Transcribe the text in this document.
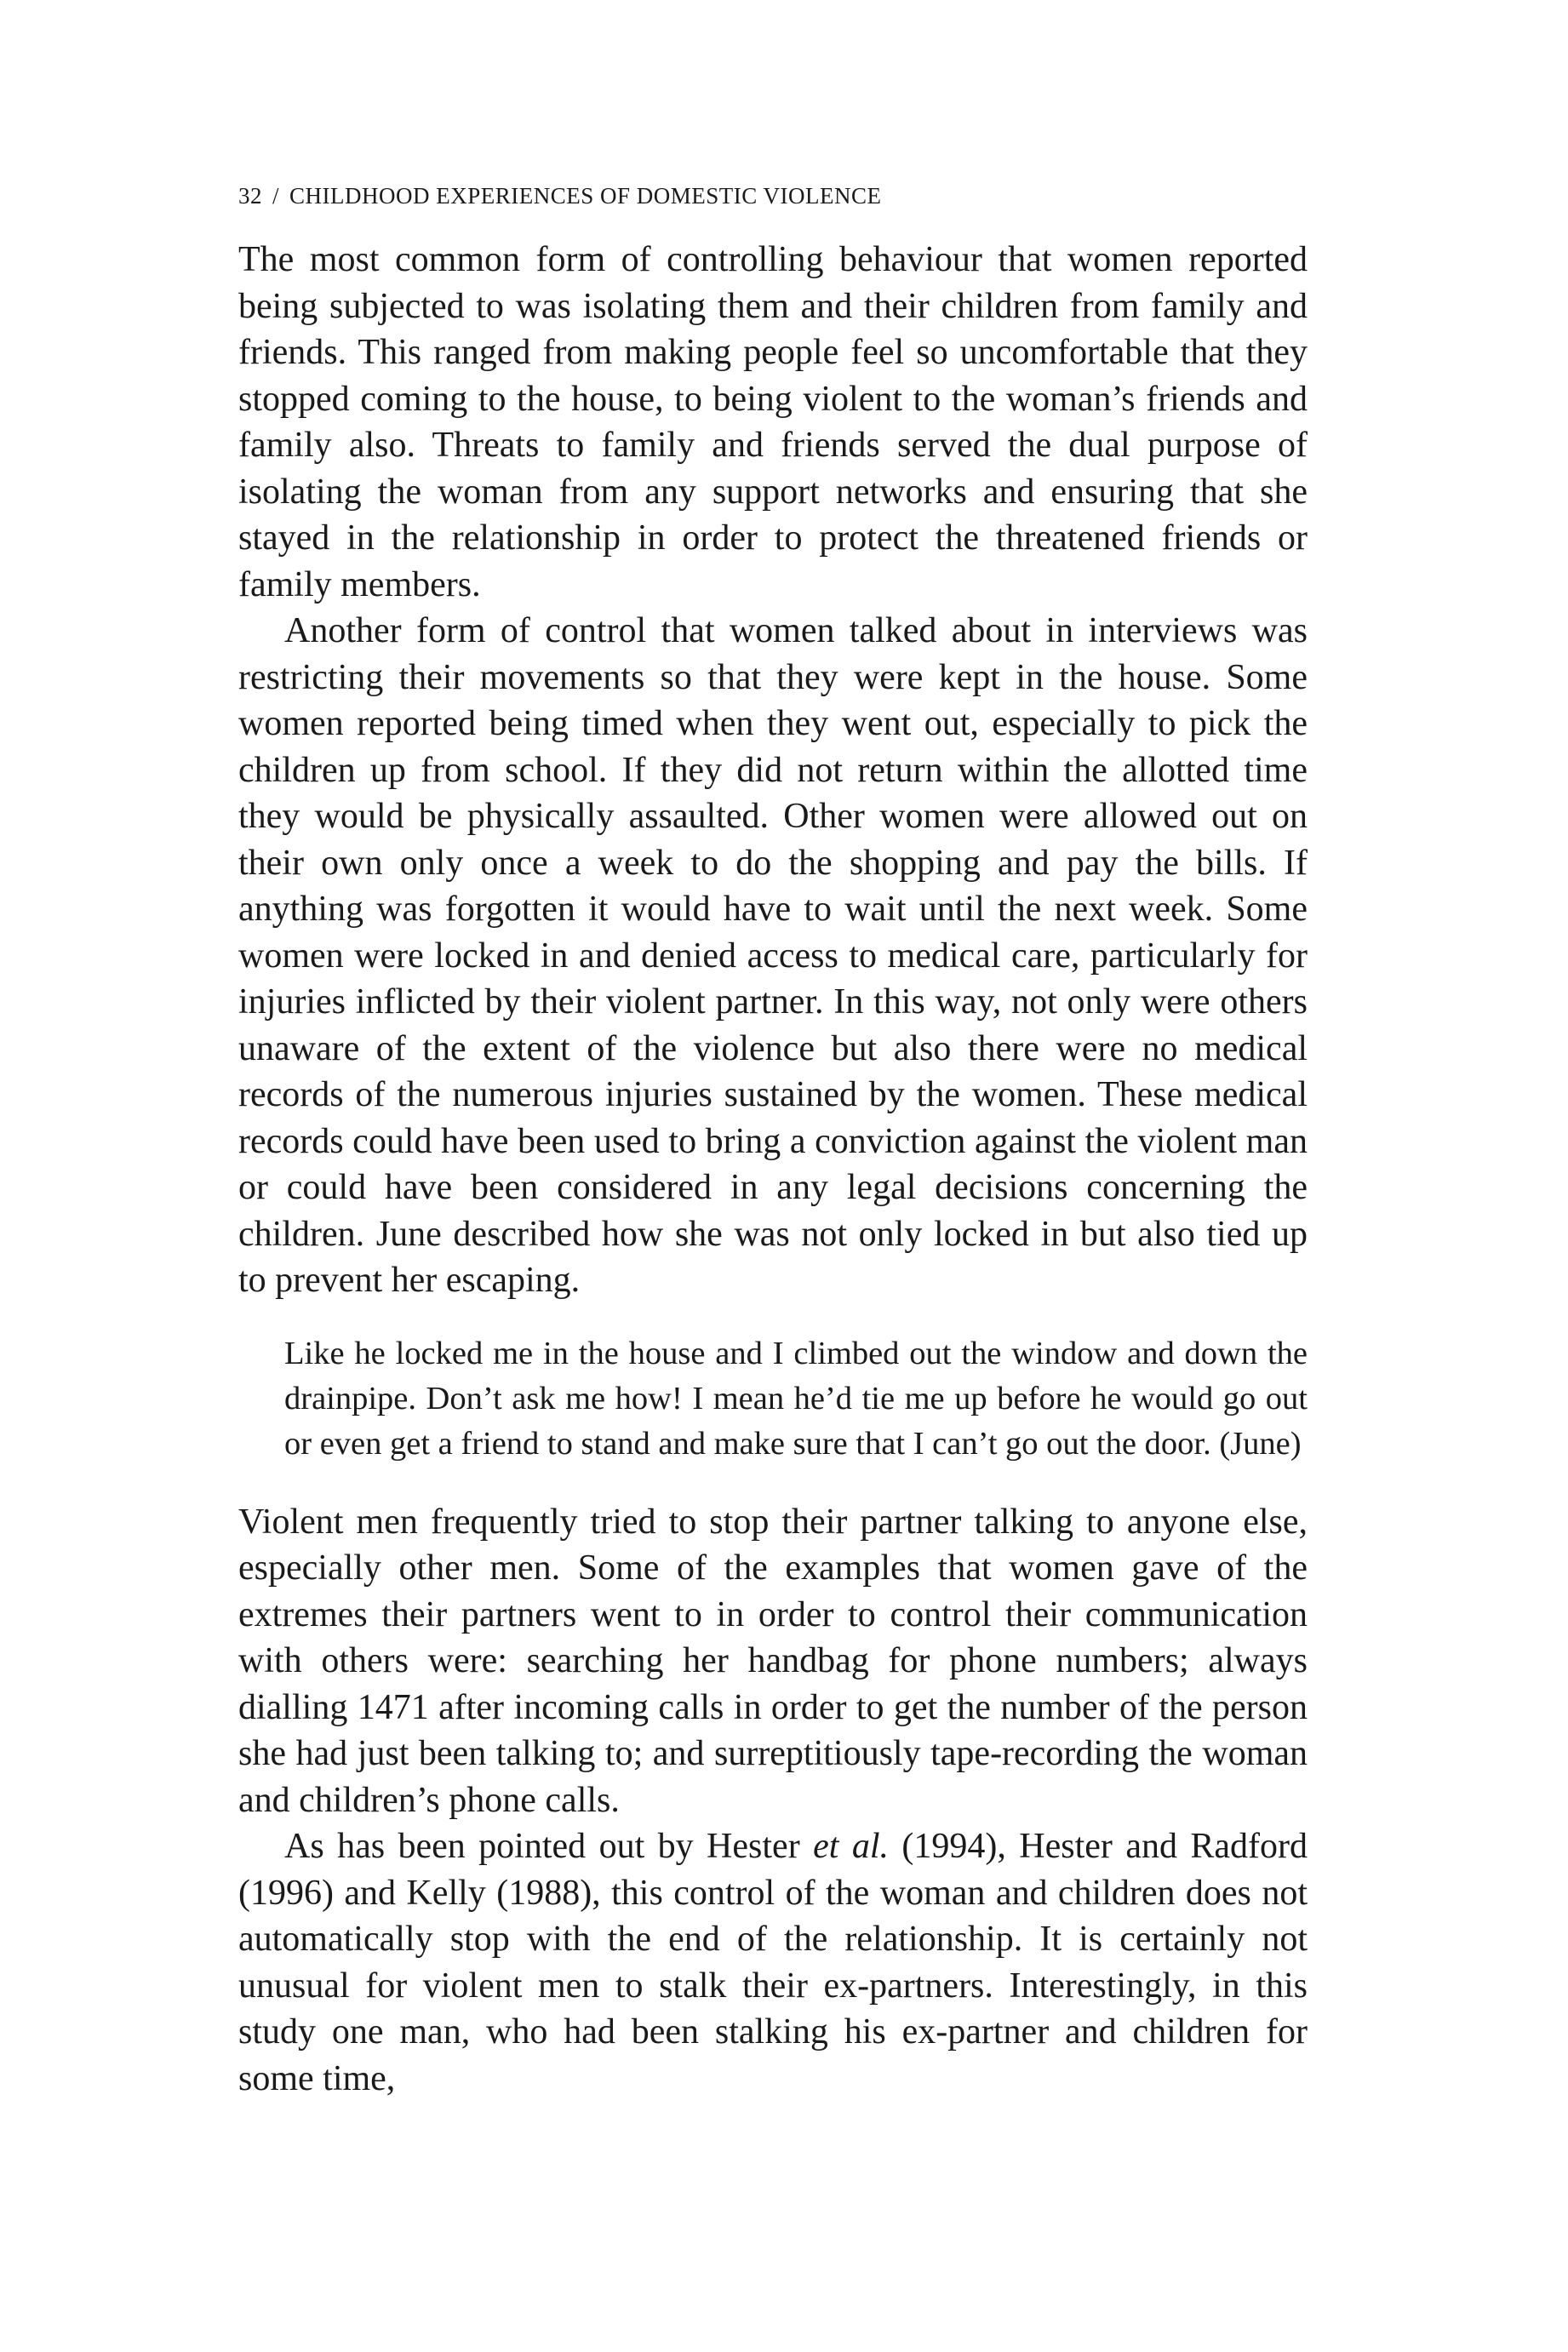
32 / CHILDHOOD EXPERIENCES OF DOMESTIC VIOLENCE

The most common form of controlling behaviour that women reported being subjected to was isolating them and their children from family and friends. This ranged from making people feel so uncomfortable that they stopped coming to the house, to being violent to the woman’s friends and family also. Threats to family and friends served the dual purpose of isolating the woman from any support networks and ensuring that she stayed in the relationship in order to protect the threatened friends or family members.

Another form of control that women talked about in interviews was restricting their movements so that they were kept in the house. Some women reported being timed when they went out, especially to pick the children up from school. If they did not return within the allotted time they would be physically assaulted. Other women were allowed out on their own only once a week to do the shopping and pay the bills. If anything was forgotten it would have to wait until the next week. Some women were locked in and denied access to medical care, particularly for injuries inflicted by their violent partner. In this way, not only were others unaware of the extent of the violence but also there were no medical records of the numerous injuries sustained by the women. These medical records could have been used to bring a conviction against the violent man or could have been considered in any legal decisions concerning the children. June described how she was not only locked in but also tied up to prevent her escaping.

Like he locked me in the house and I climbed out the window and down the drainpipe. Don’t ask me how! I mean he’d tie me up before he would go out or even get a friend to stand and make sure that I can’t go out the door. (June)

Violent men frequently tried to stop their partner talking to anyone else, especially other men. Some of the examples that women gave of the extremes their partners went to in order to control their communication with others were: searching her handbag for phone numbers; always dialling 1471 after incoming calls in order to get the number of the person she had just been talking to; and surreptitiously tape-recording the woman and children’s phone calls.

As has been pointed out by Hester et al. (1994), Hester and Radford (1996) and Kelly (1988), this control of the woman and children does not automatically stop with the end of the relationship. It is certainly not unusual for violent men to stalk their ex-partners. Interestingly, in this study one man, who had been stalking his ex-partner and children for some time,
